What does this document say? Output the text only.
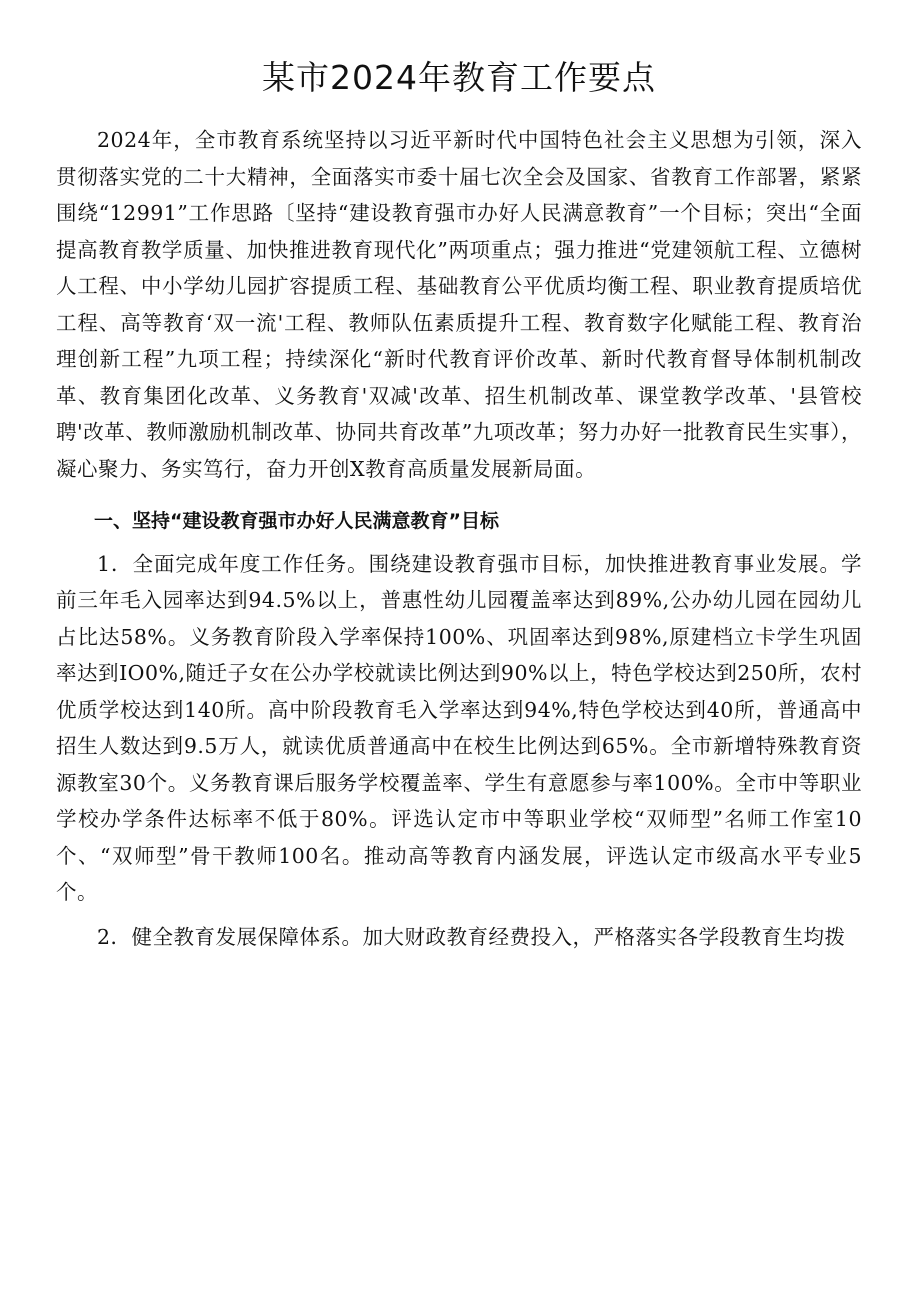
某市2024年教育工作要点

2024年，全市教育系统坚持以习近平新时代中国特色社会主义思想为引领，深入贯彻落实党的二十大精神，全面落实市委十届七次全会及国家、省教育工作部署，紧紧围绕“12991”工作思路〔坚持“建设教育强市办好人民满意教育”一个目标；突出“全面提高教育教学质量、加快推进教育现代化”两项重点；强力推进“党建领航工程、立德树人工程、中小学幼儿园扩容提质工程、基础教育公平优质均衡工程、职业教育提质培优工程、高等教育‘双一流'工程、教师队伍素质提升工程、教育数字化赋能工程、教育治理创新工程”九项工程；持续深化“新时代教育评价改革、新时代教育督导体制机制改革、教育集团化改革、义务教育'双减'改革、招生机制改革、课堂教学改革、'县管校聘'改革、教师激励机制改革、协同共育改革”九项改革；努力办好一批教育民生实事），凝心聚力、务实笃行，奋力开创X教育高质量发展新局面。

一、坚持“建设教育强市办好人民满意教育”目标

1．全面完成年度工作任务。围绕建设教育强市目标，加快推进教育事业发展。学前三年毛入园率达到94.5%以上，普惠性幼儿园覆盖率达到89%,公办幼儿园在园幼儿占比达58%。义务教育阶段入学率保持100%、巩固率达到98%,原建档立卡学生巩固率达到IO0%,随迁子女在公办学校就读比例达到90%以上，特色学校达到250所，农村优质学校达到140所。高中阶段教育毛入学率达到94%,特色学校达到40所，普通高中招生人数达到9.5万人，就读优质普通高中在校生比例达到65%。全市新增特殊教育资源教室30个。义务教育课后服务学校覆盖率、学生有意愿参与率100%。全市中等职业学校办学条件达标率不低于80%。评选认定市中等职业学校“双师型”名师工作室10个、“双师型”骨干教师100名。推动高等教育内涵发展，评选认定市级高水平专业5个。

2．健全教育发展保障体系。加大财政教育经费投入，严格落实各学段教育生均拨
